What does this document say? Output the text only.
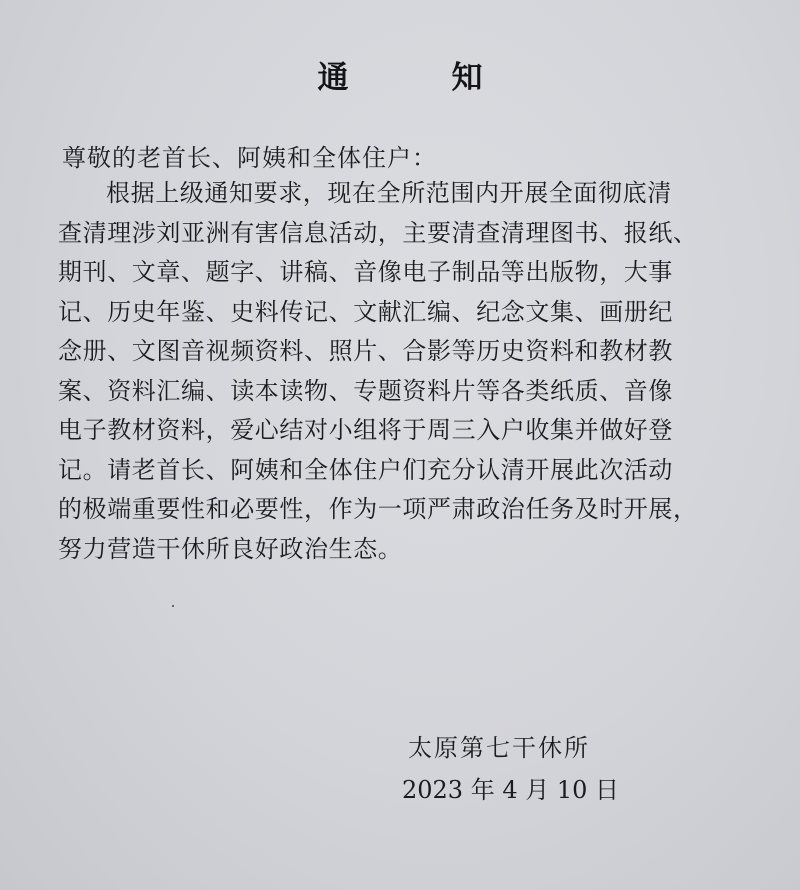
通　知
尊敬的老首长、阿姨和全体住户：
根据上级通知要求，现在全所范围内开展全面彻底清
查清理涉刘亚洲有害信息活动，主要清查清理图书、报纸、
期刊、文章、题字、讲稿、音像电子制品等出版物，大事
记、历史年鉴、史料传记、文献汇编、纪念文集、画册纪
念册、文图音视频资料、照片、合影等历史资料和教材教
案、资料汇编、读本读物、专题资料片等各类纸质、音像
电子教材资料，爱心结对小组将于周三入户收集并做好登
记。请老首长、阿姨和全体住户们充分认清开展此次活动
的极端重要性和必要性，作为一项严肃政治任务及时开展，
努力营造干休所良好政治生态。
太原第七干休所
2023 年 4 月 10 日
